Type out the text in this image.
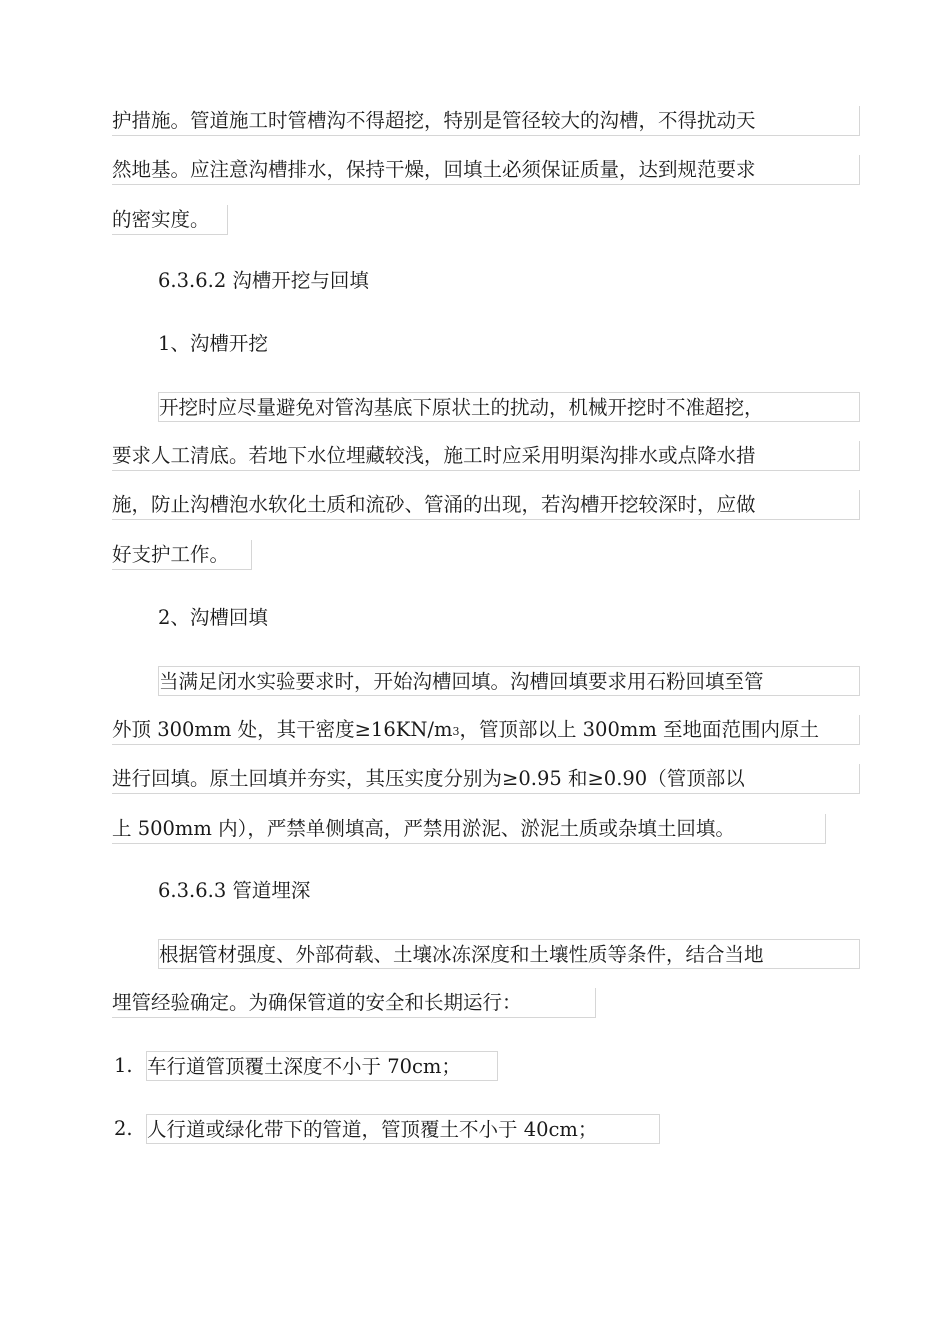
护措施。管道施工时管槽沟不得超挖，特别是管径较大的沟槽，不得扰动天
然地基。应注意沟槽排水，保持干燥，回填土必须保证质量，达到规范要求
的密实度。
6.3.6.2 沟槽开挖与回填
1、沟槽开挖
开挖时应尽量避免对管沟基底下原状土的扰动，机械开挖时不准超挖，
要求人工清底。若地下水位埋藏较浅，施工时应采用明渠沟排水或点降水措
施，防止沟槽泡水软化土质和流砂、管涌的出现，若沟槽开挖较深时，应做
好支护工作。
2、沟槽回填
当满足闭水实验要求时，开始沟槽回填。沟槽回填要求用石粉回填至管
外顶 300mm 处，其干密度≥16KN/m3，管顶部以上 300mm 至地面范围内原土
进行回填。原土回填并夯实，其压实度分别为≥0.95 和≥0.90（管顶部以
上 500mm 内），严禁单侧填高，严禁用淤泥、淤泥土质或杂填土回填。
6.3.6.3 管道埋深
根据管材强度、外部荷载、土壤冰冻深度和土壤性质等条件，结合当地
埋管经验确定。为确保管道的安全和长期运行：
1. 车行道管顶覆土深度不小于 70cm；
2. 人行道或绿化带下的管道，管顶覆土不小于 40cm；
